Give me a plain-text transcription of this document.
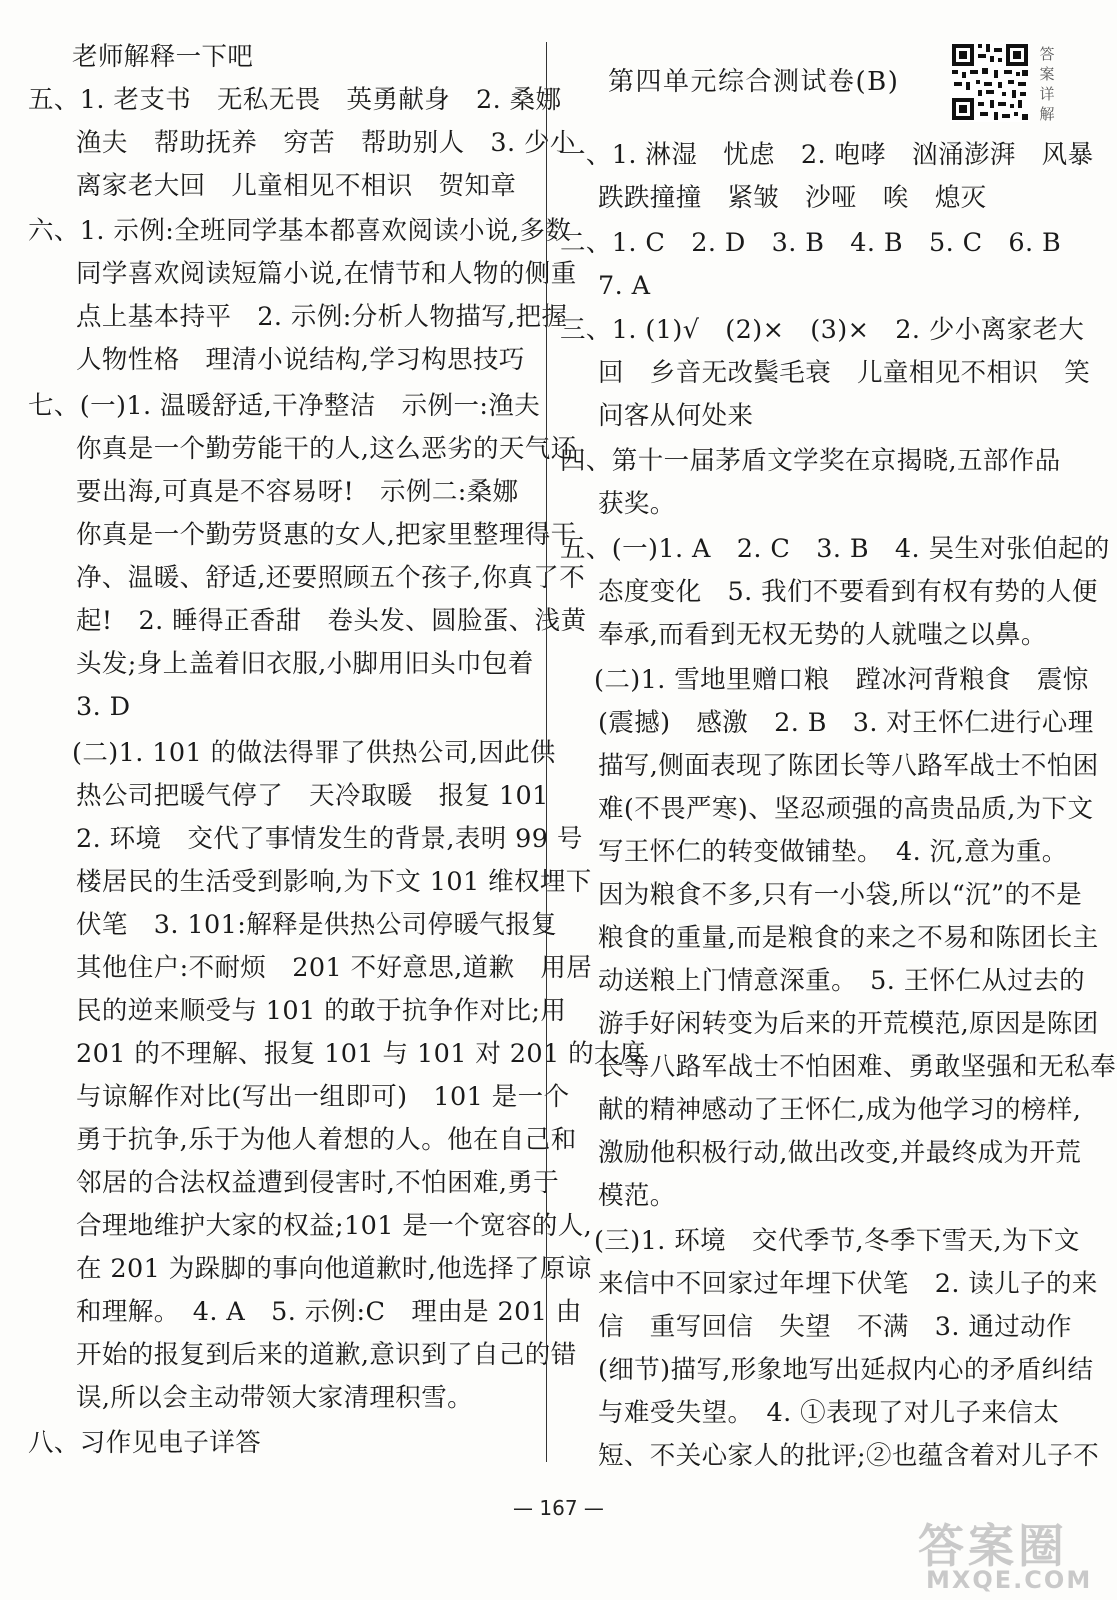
老师解释一下吧
五、1. 老支书　无私无畏　英勇献身　2. 桑娜
渔夫　帮助抚养　穷苦　帮助别人　3. 少小
离家老大回　儿童相见不相识　贺知章
六、1. 示例:全班同学基本都喜欢阅读小说,多数
同学喜欢阅读短篇小说,在情节和人物的侧重
点上基本持平　2. 示例:分析人物描写,把握
人物性格　理清小说结构,学习构思技巧
七、(一)1. 温暖舒适,干净整洁　示例一:渔夫
你真是一个勤劳能干的人,这么恶劣的天气还
要出海,可真是不容易呀!　示例二:桑娜
你真是一个勤劳贤惠的女人,把家里整理得干
净、温暖、舒适,还要照顾五个孩子,你真了不
起!　2. 睡得正香甜　卷头发、圆脸蛋、浅黄
头发;身上盖着旧衣服,小脚用旧头巾包着
3. D
(二)1. 101 的做法得罪了供热公司,因此供
热公司把暖气停了　天冷取暖　报复 101
2. 环境　交代了事情发生的背景,表明 99 号
楼居民的生活受到影响,为下文 101 维权埋下
伏笔　3. 101:解释是供热公司停暖气报复
其他住户:不耐烦　201 不好意思,道歉　用居
民的逆来顺受与 101 的敢于抗争作对比;用
201 的不理解、报复 101 与 101 对 201 的大度
与谅解作对比(写出一组即可)　101 是一个
勇于抗争,乐于为他人着想的人。他在自己和
邻居的合法权益遭到侵害时,不怕困难,勇于
合理地维护大家的权益;101 是一个宽容的人,
在 201 为跺脚的事向他道歉时,他选择了原谅
和理解。　4. A　5. 示例:C　理由是 201 由
开始的报复到后来的道歉,意识到了自己的错
误,所以会主动带领大家清理积雪。
八、习作见电子详答
第四单元综合测试卷(B)
一、1. 淋湿　忧虑　2. 咆哮　汹涌澎湃　风暴
跌跌撞撞　紧皱　沙哑　唉　熄灭
二、1. C　2. D　3. B　4. B　5. C　6. B
7. A
三、1. (1)√　(2)×　(3)×　2. 少小离家老大
回　乡音无改鬓毛衰　儿童相见不相识　笑
问客从何处来
四、第十一届茅盾文学奖在京揭晓,五部作品
获奖。
五、(一)1. A　2. C　3. B　4. 吴生对张伯起的
态度变化　5. 我们不要看到有权有势的人便
奉承,而看到无权无势的人就嗤之以鼻。
(二)1. 雪地里赠口粮　蹚冰河背粮食　震惊
(震撼)　感激　2. B　3. 对王怀仁进行心理
描写,侧面表现了陈团长等八路军战士不怕困
难(不畏严寒)、坚忍顽强的高贵品质,为下文
写王怀仁的转变做铺垫。　4. 沉,意为重。
因为粮食不多,只有一小袋,所以“沉”的不是
粮食的重量,而是粮食的来之不易和陈团长主
动送粮上门情意深重。　5. 王怀仁从过去的
游手好闲转变为后来的开荒模范,原因是陈团
长等八路军战士不怕困难、勇敢坚强和无私奉
献的精神感动了王怀仁,成为他学习的榜样,
激励他积极行动,做出改变,并最终成为开荒
模范。
(三)1. 环境　交代季节,冬季下雪天,为下文
来信中不回家过年埋下伏笔　2. 读儿子的来
信　重写回信　失望　不满　3. 通过动作
(细节)描写,形象地写出延叔内心的矛盾纠结
与难受失望。　4. ①表现了对儿子来信太
短、不关心家人的批评;②也蕴含着对儿子不
答案详解
— 167 —
答案圈
MXQE.COM
